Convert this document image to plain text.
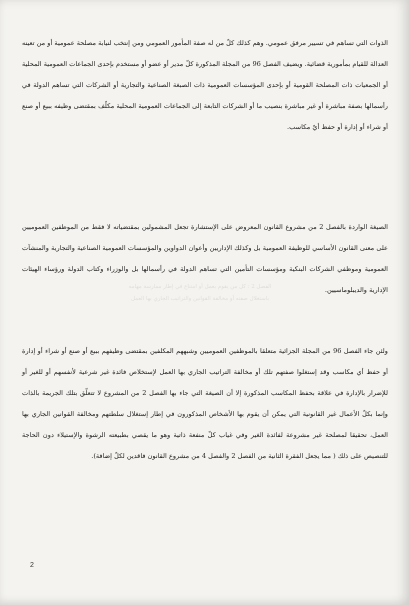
الفصل 2 : كل من يقوم بعمل أو امتناع في إطار ممارسة مهامه

باستغلال صفته أو مخالفة القوانين والتراتيب الجاري بها العمل

الذوات التي تساهم في تسيير مرفق عمومي. وهم كذلك كلّ من له صفة المأمور العمومي ومن إنتخب لنيابة مصلحة عمومية أو من تعينه العدالة للقيام بمأمورية قضائية. ويضيف الفصل 96 من المجلة المذكورة كلّ مدير أو عضو أو مستخدم بإحدى الجماعات العمومية المحلية أو الجمعيات ذات المصلحة القومية أو بإحدى المؤسسات العمومية ذات الصبغة الصناعية والتجارية أو الشركات التي تساهم الدولة في رأسمالها بصفة مباشرة أو غير مباشرة بنصيب ما أو الشركات التابعة إلى الجماعات العمومية المحلية مكلّف بمقتضى وظيفه ببيع أو صنع أو شراء أو إدارة أو حفظ أيّ مكاسب.

الصيغة الواردة بالفصل 2 من مشروع القانون المعروض على الإستشارة تجعل المشمولين بمقتضياته لا فقط من الموظفين العموميين على معنى القانون الأساسي للوظيفة العمومية بل وكذلك الإداريين وأعوان الدواوين والمؤسسات العمومية الصناعية والتجارية والمنشآت العمومية وموظفي الشركات البنكية ومؤسسات التأمين التي تساهم الدولة في رأسمالها بل والوزراء وكتاب الدولة ورؤساء الهيئات الإدارية والديبلوماسيين.

ولئن جاء الفصل 96 من المجلة الجزائية متعلقا بالموظفين العموميين وشبههم المكلفين بمقتضى وظيفهم ببيع أو صنع أو شراء أو إدارة أو حفظ أي مكاسب وقد إستغلوا صفتهم تلك أو مخالفة التراتيب الجاري بها العمل لإستخلاص فائدة غير شرعية لأنفسهم أو للغير أو للإضرار بالإدارة في علاقة بحفظ المكاسب المذكورة إلا أن الصيغة التي جاء بها الفصل 2 من المشروع لا تتعلّق بتلك الجريمة بالذات وإنما بكلّ الأعمال غير القانونية التي يمكن أن يقوم بها الأشخاص المذكورون في إطار إستغلال سلطتهم ومخالفة القوانين الجاري بها العمل، تحقيقا لمصلحة غير مشروعة لفائدة الغير وفي غياب كلّ منفعة ذاتية وهو ما يقصي بطبيعته الرشوة والإستيلاء دون الحاجة للتنصيص على ذلك ( مما يجعل الفقرة الثانية من الفصل 2 والفصل 4 من مشروع القانون فاقدين لكلّ إضافة).

2
